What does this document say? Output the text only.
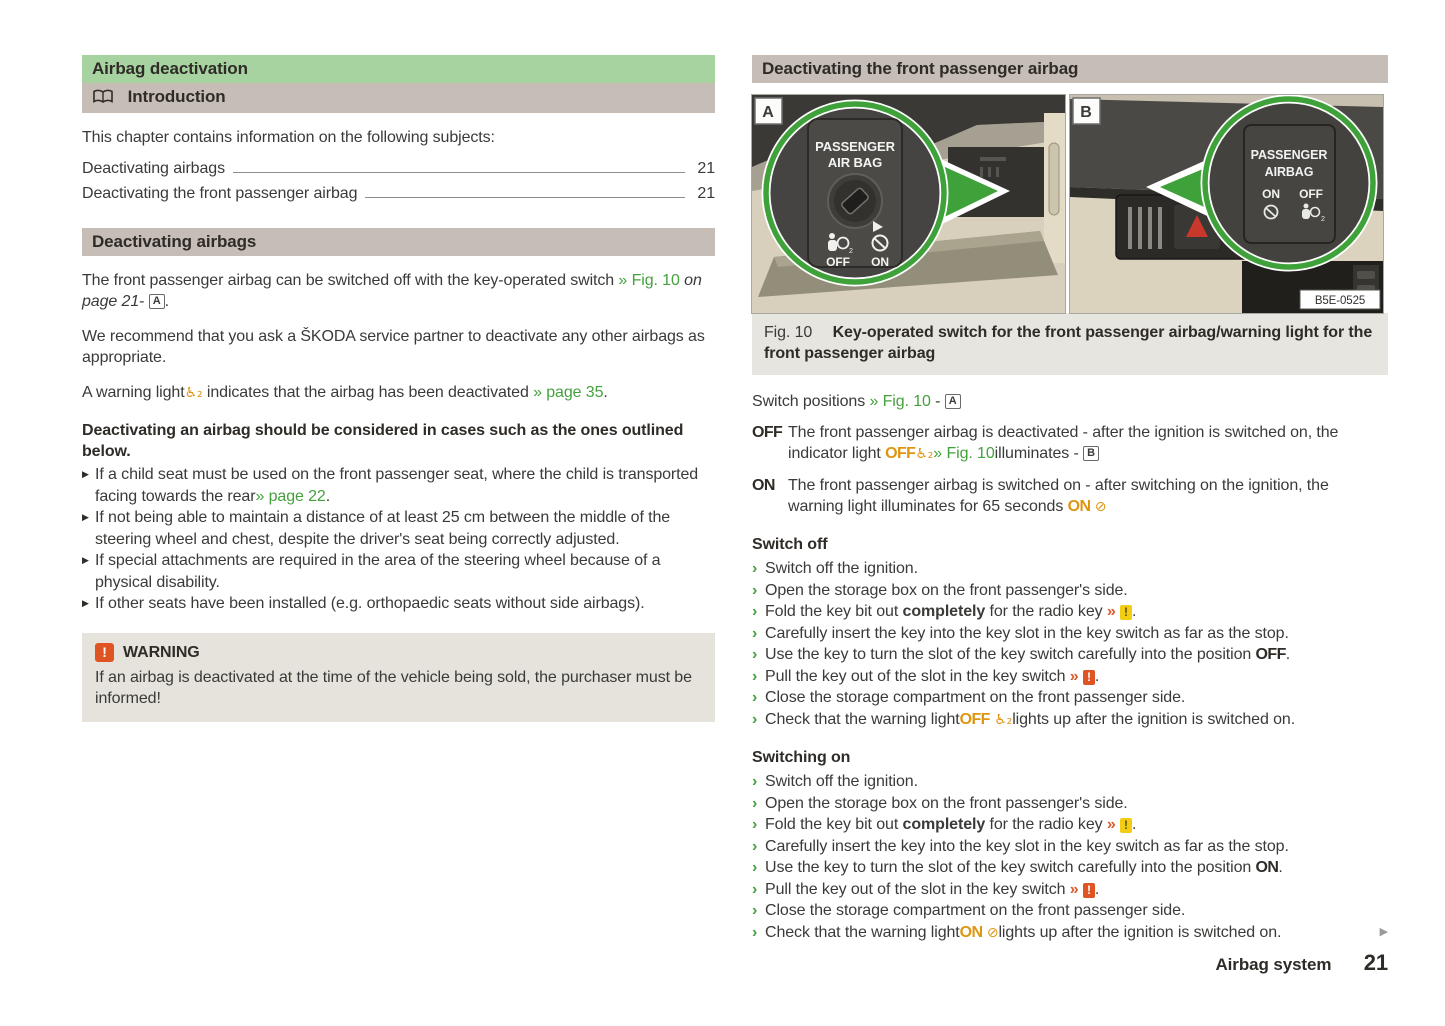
Airbag deactivation
Introduction

This chapter contains information on the following subjects:

Deactivating airbags	21
Deactivating the front passenger airbag	21
Deactivating airbags

The front passenger airbag can be switched off with the key-operated switch » Fig. 10 on page 21- A .

We recommend that you ask a ŠKODA service partner to deactivate any other airbags as appropriate.

A warning light♿₂ indicates that the airbag has been deactivated » page 35.

Deactivating an airbag should be considered in cases such as the ones outlined below.

▶ If a child seat must be used on the front passenger seat, where the child is transported facing towards the rear» page 22.
▶ If not being able to maintain a distance of at least 25 cm between the middle of the steering wheel and chest, despite the driver's seat being correctly adjusted.
▶ If special attachments are required in the area of the steering wheel because of a physical disability.
▶ If other seats have been installed (e.g. orthopaedic seats without side airbags).
!	WARNING

If an airbag is deactivated at the time of the vehicle being sold, the purchaser must be informed!

Deactivating the front passenger airbag
PASSENGER
AIR BAG
2
OFF ON
A
PASSENGER
AIRBAG
ON OFF
2
B5E-0525
B

Fig. 10 Key-operated switch for the front passenger airbag/warning light for the front passenger airbag

Switch positions » Fig. 10 - A

OFF The front passenger airbag is deactivated - after the ignition is switched on, the indicator light OFF♿₂» Fig. 10illuminates - B
ON The front passenger airbag is switched on - after switching on the ignition, the warning light illuminates for 65 seconds ON ⊘
Switch off
› Switch off the ignition.
› Open the storage box on the front passenger's side.
› Fold the key bit out completely for the radio key » ! .
› Carefully insert the key into the key slot in the key switch as far as the stop.
› Use the key to turn the slot of the key switch carefully into the position OFF.
› Pull the key out of the slot in the key switch » ! .
› Close the storage compartment on the front passenger side.
› Check that the warning lightOFF ♿₂lights up after the ignition is switched on.
Switching on
› Switch off the ignition.
› Open the storage box on the front passenger's side.
› Fold the key bit out completely for the radio key » ! .
› Carefully insert the key into the key slot in the key switch as far as the stop.
› Use the key to turn the slot of the key switch carefully into the position ON.
› Pull the key out of the slot in the key switch » ! .
› Close the storage compartment on the front passenger side.
› Check that the warning lightON ⊘lights up after the ignition is switched on.	▶
Airbag system 21
